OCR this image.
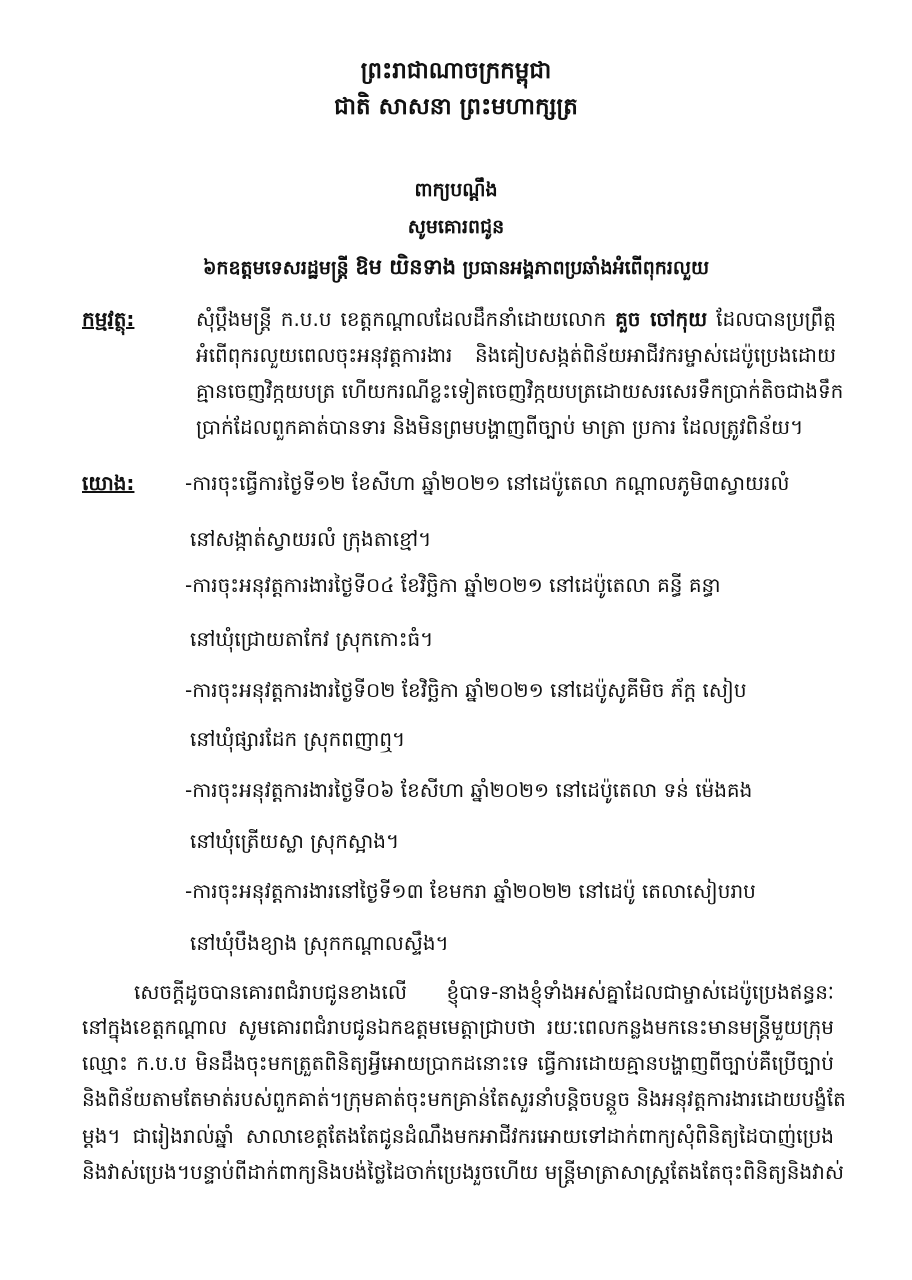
ព្រះរាជាណាចក្រកម្ពុជា
ជាតិ សាសនា ព្រះមហាក្សត្រ
ពាក្យបណ្តឹង
សូមគោរពជូន
៦កឧត្តមទេសរដ្ឋមន្ត្រី ឱម យិនទាង ប្រធានអង្គភាពប្រឆាំងអំពើពុករលួយ
កម្មវត្ថុ:	សុំប្តឹងមន្ត្រី ក.ប.ប ខេត្តកណ្តាលដែលដឹកនាំដោយលោក គួច ចៅកុយ ដែលបានប្រព្រឹត្ត
អំពើពុករលួយពេលចុះអនុវត្តការងារ និងគៀបសង្កត់ពិន័យអាជីវករម្ចាស់ដេប៉ូប្រេងដោយ
គ្មានចេញវិក្កយបត្រ ហើយករណីខ្លះទៀតចេញវិក្កយបត្រដោយសរសេរទឹកប្រាក់តិចជាងទឹក
ប្រាក់ដែលពួកគាត់បានទារ និងមិនព្រមបង្ហាញពីច្បាប់ មាត្រា ប្រការ ដែលត្រូវពិន័យ។
យោង:	-ការចុះធ្វើការថ្ងៃទី១២ ខែសីហា ឆ្នាំ២០២១ នៅដេប៉ូតេលា កណ្តាលភូមិ៣ស្វាយរលំ
នៅសង្កាត់ស្វាយរលំ ក្រុងតាខ្មៅ។
-ការចុះអនុវត្តការងារថ្ងៃទី០៤ ខែវិច្ឆិកា ឆ្នាំ២០២១ នៅដេប៉ូតេលា គន្ធី គន្ធា
នៅឃុំជ្រោយតាកែវ ស្រុកកោះធំ។
-ការចុះអនុវត្តការងារថ្ងៃទី០២ ខែវិច្ឆិកា ឆ្នាំ២០២១ នៅដេប៉ូសូគីមិច ភ័ក្ត សៀប
នៅឃុំផ្សារដែក ស្រុកពញាឮ។
-ការចុះអនុវត្តការងារថ្ងៃទី០៦ ខែសីហា ឆ្នាំ២០២១ នៅដេប៉ូតេលា ទន់ ម៉េងគង
នៅឃុំត្រើយស្លា ស្រុកស្អាង។
-ការចុះអនុវត្តការងារនៅថ្ងៃទី១៣ ខែមករា ឆ្នាំ២០២២ នៅដេប៉ូ តេលាសៀបរាប
នៅឃុំបឹងខ្យាង ស្រុកកណ្តាលស្ទឹង។
សេចក្តីដូចបានគោរពជំរាបជូនខាងលើ ខ្ញុំបាទ-នាងខ្ញុំទាំងអស់គ្នាដែលជាម្ចាស់ដេប៉ូប្រេងឥន្ធនៈ
នៅក្នុងខេត្តកណ្តាល សូមគោរពជំរាបជូនឯកឧត្តមមេត្តាជ្រាបថា រយៈពេលកន្លងមកនេះមានមន្ត្រីមួយក្រុម
ឈ្មោះ ក.ប.ប មិនដឹងចុះមកត្រួតពិនិត្យអ្វីអោយប្រាកដនោះទេ ធ្វើការដោយគ្មានបង្ហាញពីច្បាប់គឺប្រើច្បាប់
និងពិន័យតាមតែមាត់របស់ពួកគាត់។ក្រុមគាត់ចុះមកគ្រាន់តែសួរនាំបន្តិចបន្តួច និងអនុវត្តការងារដោយបង្ខំតែ
ម្តង។ ជារៀងរាល់ឆ្នាំ សាលាខេត្តតែងតែជូនដំណឹងមកអាជីវករអោយទៅដាក់ពាក្យសុំពិនិត្យដៃបាញ់ប្រេង
និងវាស់ប្រេង។បន្ទាប់ពីដាក់ពាក្យនិងបង់ថ្លៃដៃចាក់ប្រេងរួចហើយ មន្ត្រីមាត្រាសាស្ត្រតែងតែចុះពិនិត្យនិងវាស់
